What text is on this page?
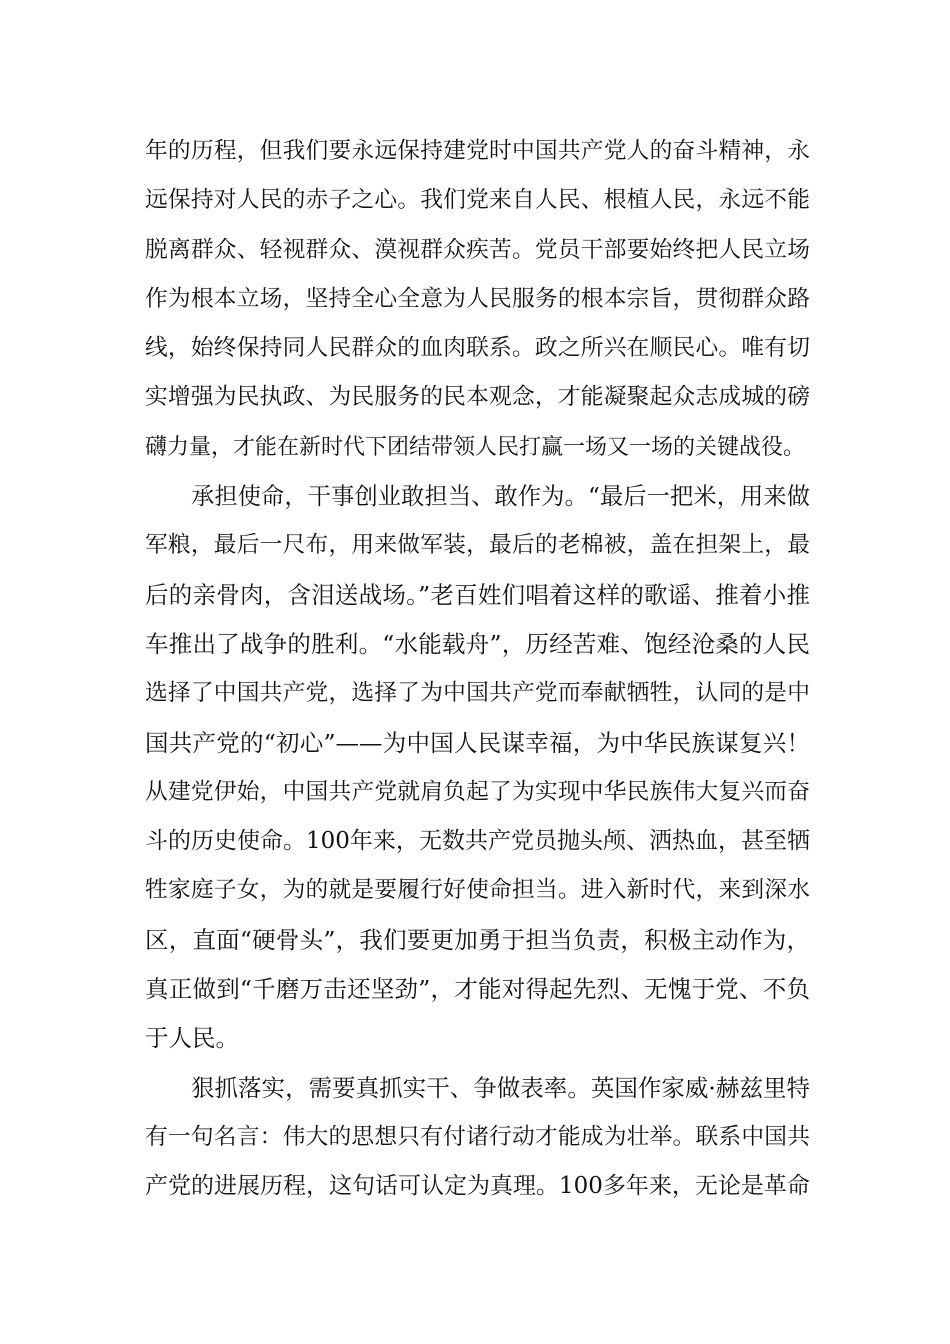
年的历程，但我们要永远保持建党时中国共产党人的奋斗精神，永
远保持对人民的赤子之心。我们党来自人民、根植人民，永远不能
脱离群众、轻视群众、漠视群众疾苦。党员干部要始终把人民立场
作为根本立场，坚持全心全意为人民服务的根本宗旨，贯彻群众路
线，始终保持同人民群众的血肉联系。政之所兴在顺民心。唯有切
实增强为民执政、为民服务的民本观念，才能凝聚起众志成城的磅
礴力量，才能在新时代下团结带领人民打赢一场又一场的关键战役。
承担使命，干事创业敢担当、敢作为。“最后一把米，用来做
军粮，最后一尺布，用来做军装，最后的老棉被，盖在担架上，最
后的亲骨肉，含泪送战场。”老百姓们唱着这样的歌谣、推着小推
车推出了战争的胜利。“水能载舟”，历经苦难、饱经沧桑的人民
选择了中国共产党，选择了为中国共产党而奉献牺牲，认同的是中
国共产党的“初心”——为中国人民谋幸福，为中华民族谋复兴！
从建党伊始，中国共产党就肩负起了为实现中华民族伟大复兴而奋
斗的历史使命。100年来，无数共产党员抛头颅、洒热血，甚至牺
牲家庭子女，为的就是要履行好使命担当。进入新时代，来到深水
区，直面“硬骨头”，我们要更加勇于担当负责，积极主动作为，
真正做到“千磨万击还坚劲”，才能对得起先烈、无愧于党、不负
于人民。
狠抓落实，需要真抓实干、争做表率。英国作家威·赫兹里特
有一句名言：伟大的思想只有付诸行动才能成为壮举。联系中国共
产党的进展历程，这句话可认定为真理。100多年来，无论是革命
